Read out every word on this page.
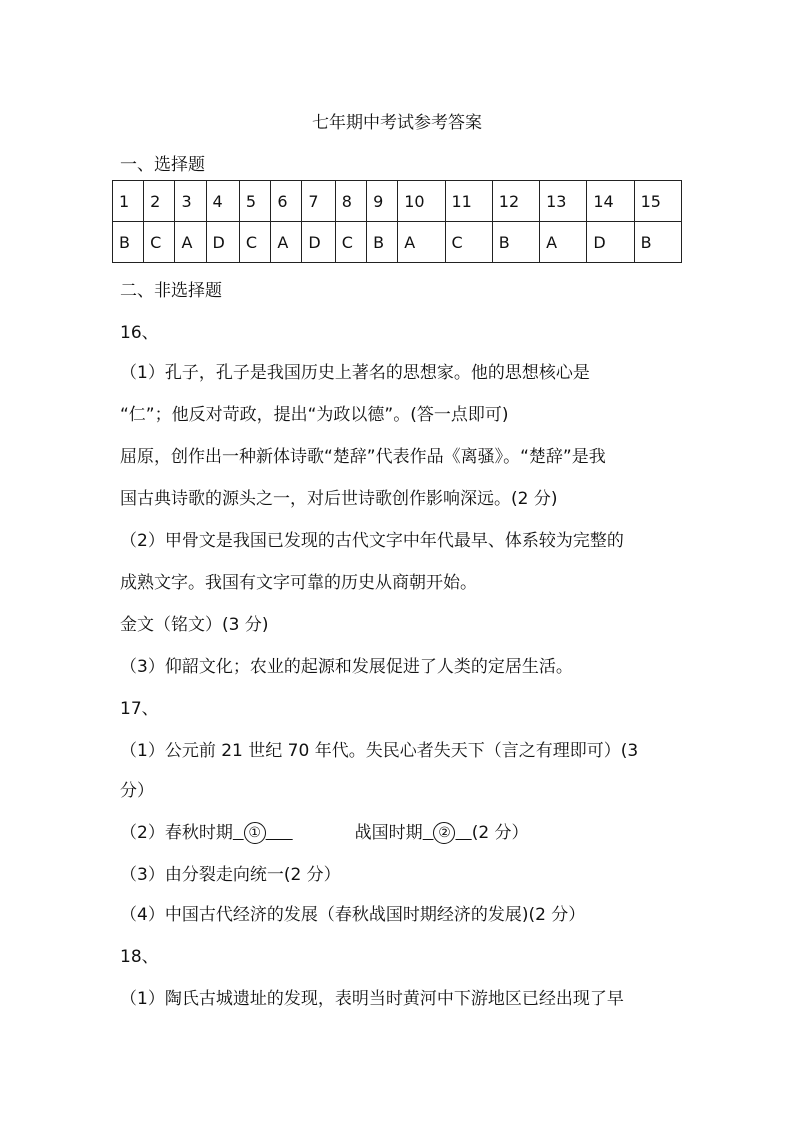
七年期中考试参考答案
一、选择题
1	2	3	4	5	6	7	8	9	10	11	12	13	14	15
B	C	A	D	C	A	D	C	B	A	C	B	A	D	B
二、非选择题
16、
（1）孔子，孔子是我国历史上著名的思想家。他的思想核心是
“仁”；他反对苛政，提出“为政以德”。(答一点即可)
屈原，创作出一种新体诗歌“楚辞”代表作品《离骚》。“楚辞”是我
国古典诗歌的源头之一，对后世诗歌创作影响深远。(2 分)
（2）甲骨文是我国已发现的古代文字中年代最早、体系较为完整的
成熟文字。我国有文字可靠的历史从商朝开始。
金文（铭文）(3 分)
（3）仰韶文化；农业的起源和发展促进了人类的定居生活。
17、
（1）公元前 21 世纪 70 年代。失民心者失天下（言之有理即可）(3
分）
（2）春秋时期 ①	战国时期 ② (2 分）
（3）由分裂走向统一(2 分）
（4）中国古代经济的发展（春秋战国时期经济的发展)(2 分）
18、
（1）陶氏古城遗址的发现，表明当时黄河中下游地区已经出现了早
